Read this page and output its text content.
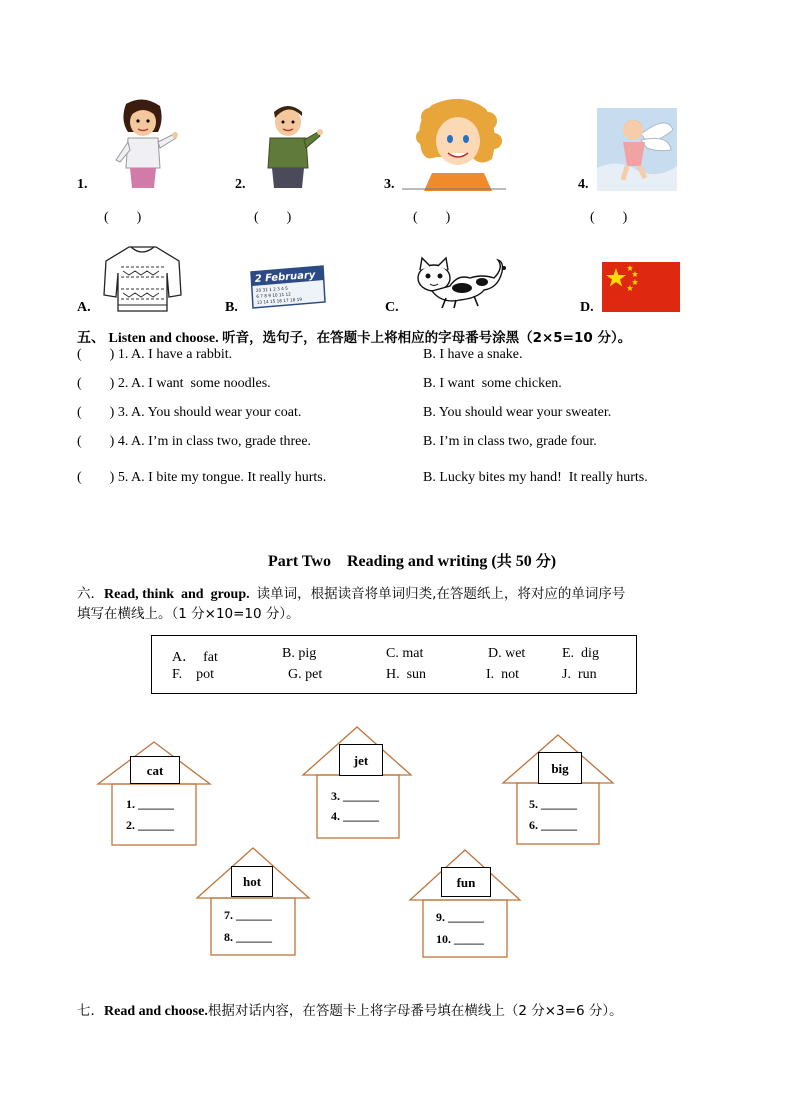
1.	2.	3.	4.
(        )	(        )	(        )	(        )
A.
2 February
20 31 1 2 3 4 5
6 7 8 9 10 11 12
13 14 15 16 17 18 19
B.	C.	D.
五、 Listen and choose. 听音，选句子，在答题卡上将相应的字母番号涂黑（2×5=10 分）。
(        ) 1. A. I have a rabbit.	B. I have a snake.
(        ) 2. A. I want  some noodles.	B. I want  some chicken.
(        ) 3. A. You should wear your coat.	B. You should wear your sweater.
(        ) 4. A. I’m in class two, grade three.	B. I’m in class two, grade four.
(        ) 5. A. I bite my tongue. It really hurts.	B. Lucky bites my hand!  It really hurts.
Part Two    Reading and writing (共 50 分)
六．Read, think  and  group.  读单词，根据读音将单词归类,在答题纸上，将对应的单词序号
填写在横线上。（1 分×10=10 分）。
A．  fat	B. pig	C. mat	D. wet	E.  dig
F.    pot	G. pet	H.  sun	I.  not	J.  run
cat
1. ______
2. ______
jet
3. ______
4. ______
big
5. ______
6. ______
hot
7. ______
8. ______
fun
9. ______
10. _____
七．Read and choose.根据对话内容，在答题卡上将字母番号填在横线上（2 分×3=6 分）。
